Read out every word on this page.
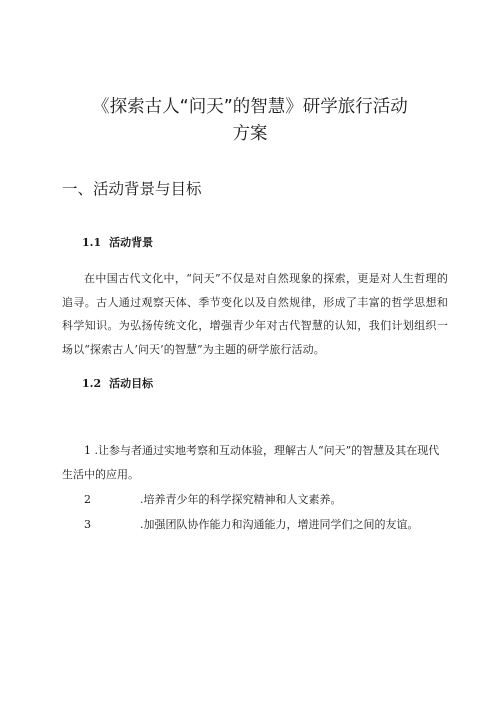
《探索古人“问天”的智慧》研学旅行活动
方案
一、活动背景与目标
1.1 活动背景

在中国古代文化中，“问天”不仅是对自然现象的探索，更是对人生哲理的追寻。古人通过观察天体、季节变化以及自然规律，形成了丰富的哲学思想和科学知识。为弘扬传统文化，增强青少年对古代智慧的认知，我们计划组织一场以“探索古人’问天’的智慧”为主题的研学旅行活动。

1.2 活动目标

1 .让参与者通过实地考察和互动体验，理解古人“问天”的智慧及其在现代生活中的应用。

2	.培养青少年的科学探究精神和人文素养。

3	.加强团队协作能力和沟通能力，增进同学们之间的友谊。
